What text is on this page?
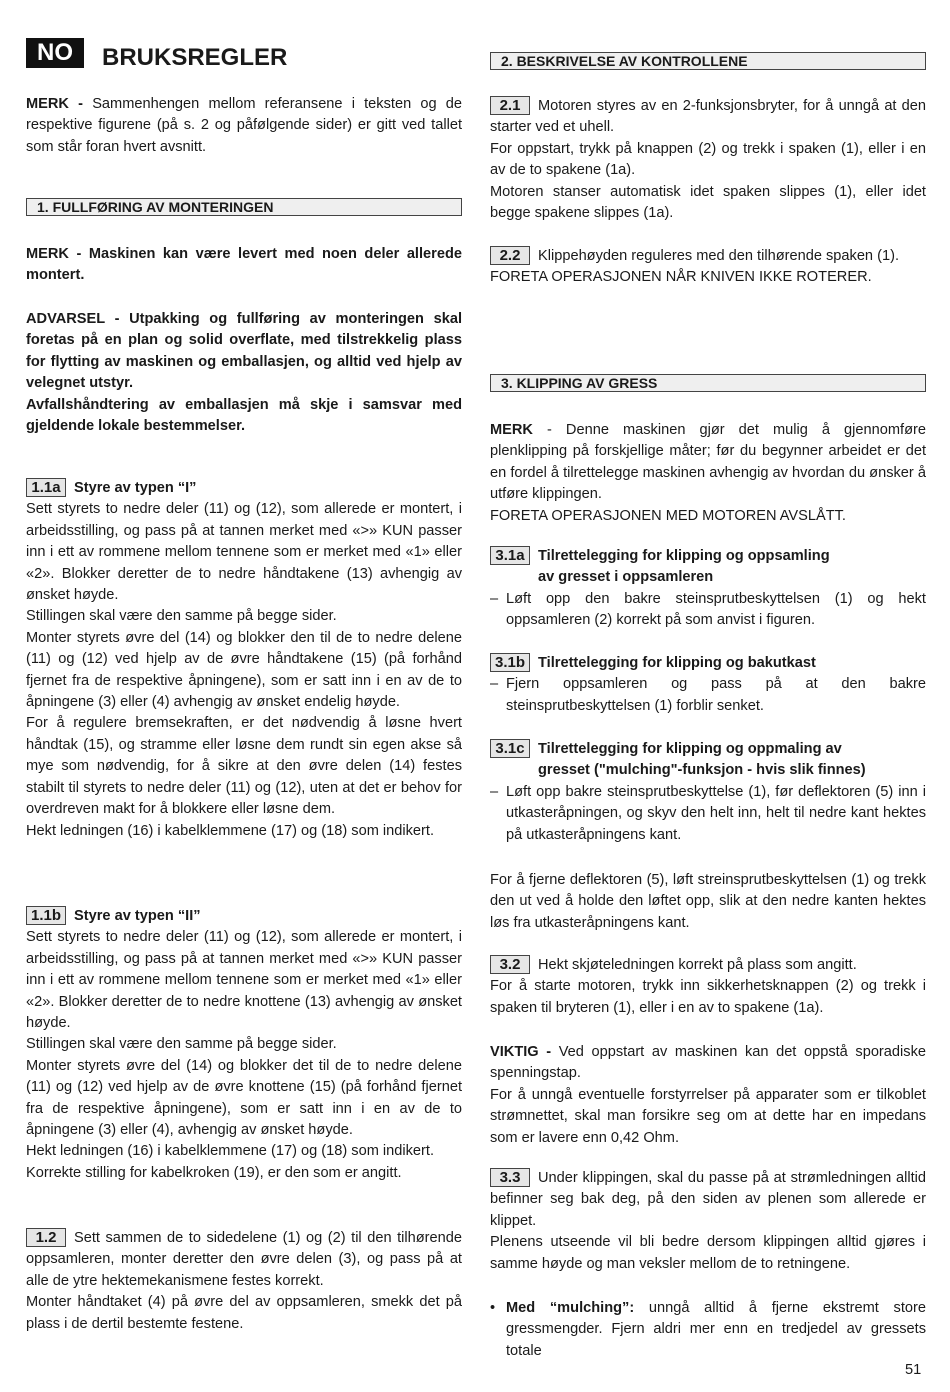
NO	BRUKSREGLER

MERK - Sammenhengen mellom referansene i teksten og de respektive figurene (på s. 2 og påfølgende sider) er gitt ved tallet som står foran hvert avsnitt.

1. FULLFØRING AV MONTERINGEN

MERK - Maskinen kan være levert med noen deler allerede montert.

ADVARSEL - Utpakking og fullføring av monteringen skal foretas på en plan og solid overflate, med tilstrekkelig plass for flytting av maskinen og emballasjen, og alltid ved hjelp av velegnet utstyr.

Avfallshåndtering av emballasjen må skje i samsvar med gjeldende lokale bestemmelser.

1.1a Styre av typen “I”

Sett styrets to nedre deler (11) og (12), som allerede er montert, i arbeidsstilling, og pass på at tannen merket med «>» KUN passer inn i ett av rommene mellom tennene som er merket med «1» eller «2». Blokker deretter de to nedre håndtakene (13) avhengig av ønsket høyde.

Stillingen skal være den samme på begge sider.

Monter styrets øvre del (14) og blokker den til de to nedre delene (11) og (12) ved hjelp av de øvre håndtakene (15) (på forhånd fjernet fra de respektive åpningene), som er satt inn i en av de to åpningene (3) eller (4) avhengig av ønsket endelig høyde.

For å regulere bremsekraften, er det nødvendig å løsne hvert håndtak (15), og stramme eller løsne dem rundt sin egen akse så mye som nødvendig, for å sikre at den øvre delen (14) festes stabilt til styrets to nedre deler (11) og (12), uten at det er behov for overdreven makt for å blokkere eller løsne dem.

Hekt ledningen (16) i kabelklemmene (17) og (18) som indikert.

1.1b Styre av typen “II”

Sett styrets to nedre deler (11) og (12), som allerede er montert, i arbeidsstilling, og pass på at tannen merket med «>» KUN passer inn i ett av rommene mellom tennene som er merket med «1» eller «2». Blokker deretter de to nedre knottene (13) avhengig av ønsket høyde.

Stillingen skal være den samme på begge sider.

Monter styrets øvre del (14) og blokker det til de to nedre delene (11) og (12) ved hjelp av de øvre knottene (15) (på forhånd fjernet fra de respektive åpningene), som er satt inn i en av de to åpningene (3) eller (4), avhengig av ønsket høyde.

Hekt ledningen (16) i kabelklemmene (17) og (18) som indikert.

Korrekte stilling for kabelkroken (19), er den som er angitt.

1.2 Sett sammen de to sidedelene (1) og (2) til den tilhørende oppsamleren, monter deretter den øvre delen (3), og pass på at alle de ytre hektemekanismene festes korrekt.

Monter håndtaket (4) på øvre del av oppsamleren, smekk det på plass i de dertil bestemte festene.

2. BESKRIVELSE AV KONTROLLENE

2.1 Motoren styres av en 2-funksjonsbryter, for å unngå at den starter ved et uhell.

For oppstart, trykk på knappen (2) og trekk i spaken (1), eller i en av de to spakene (1a).

Motoren stanser automatisk idet spaken slippes (1), eller idet begge spakene slippes (1a).

2.2 Klippehøyden reguleres med den tilhørende spaken (1).

FORETA OPERASJONEN NÅR KNIVEN IKKE ROTERER.

3. KLIPPING AV GRESS

MERK - Denne maskinen gjør det mulig å gjennomføre plenklipping på forskjellige måter; før du begynner arbeidet er det en fordel å tilrettelegge maskinen avhengig av hvordan du ønsker å utføre klippingen.

FORETA OPERASJONEN MED MOTOREN AVSLÅTT.

3.1a Tilrettelegging for klipping og oppsamling

av gresset i oppsamleren

– Løft opp den bakre steinsprutbeskyttelsen (1) og hekt oppsamleren (2) korrekt på som anvist i figuren.

3.1b Tilrettelegging for klipping og bakutkast

– Fjern oppsamleren og pass på at den bakre steinsprutbeskyttelsen (1) forblir senket.

3.1c Tilrettelegging for klipping og oppmaling av

gresset ("mulching"-funksjon - hvis slik finnes)

– Løft opp bakre steinsprutbeskyttelse (1), før deflektoren (5) inn i utkasteråpningen, og skyv den helt inn, helt til nedre kant hektes på utkasteråpningens kant.

For å fjerne deflektoren (5), løft streinsprutbeskyttelsen (1) og trekk den ut ved å holde den løftet opp, slik at den nedre kanten hektes løs fra utkasteråpningens kant.

3.2 Hekt skjøteledningen korrekt på plass som angitt.

For å starte motoren, trykk inn sikkerhetsknappen (2) og trekk i spaken til bryteren (1), eller i en av to spakene (1a).

VIKTIG - Ved oppstart av maskinen kan det oppstå sporadiske spenningstap.

For å unngå eventuelle forstyrrelser på apparater som er tilkoblet strømnettet, skal man forsikre seg om at dette har en impedans som er lavere enn 0,42 Ohm.

3.3 Under klippingen, skal du passe på at strømledningen alltid befinner seg bak deg, på den siden av plenen som allerede er klippet.

Plenens utseende vil bli bedre dersom klippingen alltid gjøres i samme høyde og man veksler mellom de to retningene.

• Med “mulching”: unngå alltid å fjerne ekstremt store gressmengder. Fjern aldri mer enn en tredjedel av gressets totale

51
